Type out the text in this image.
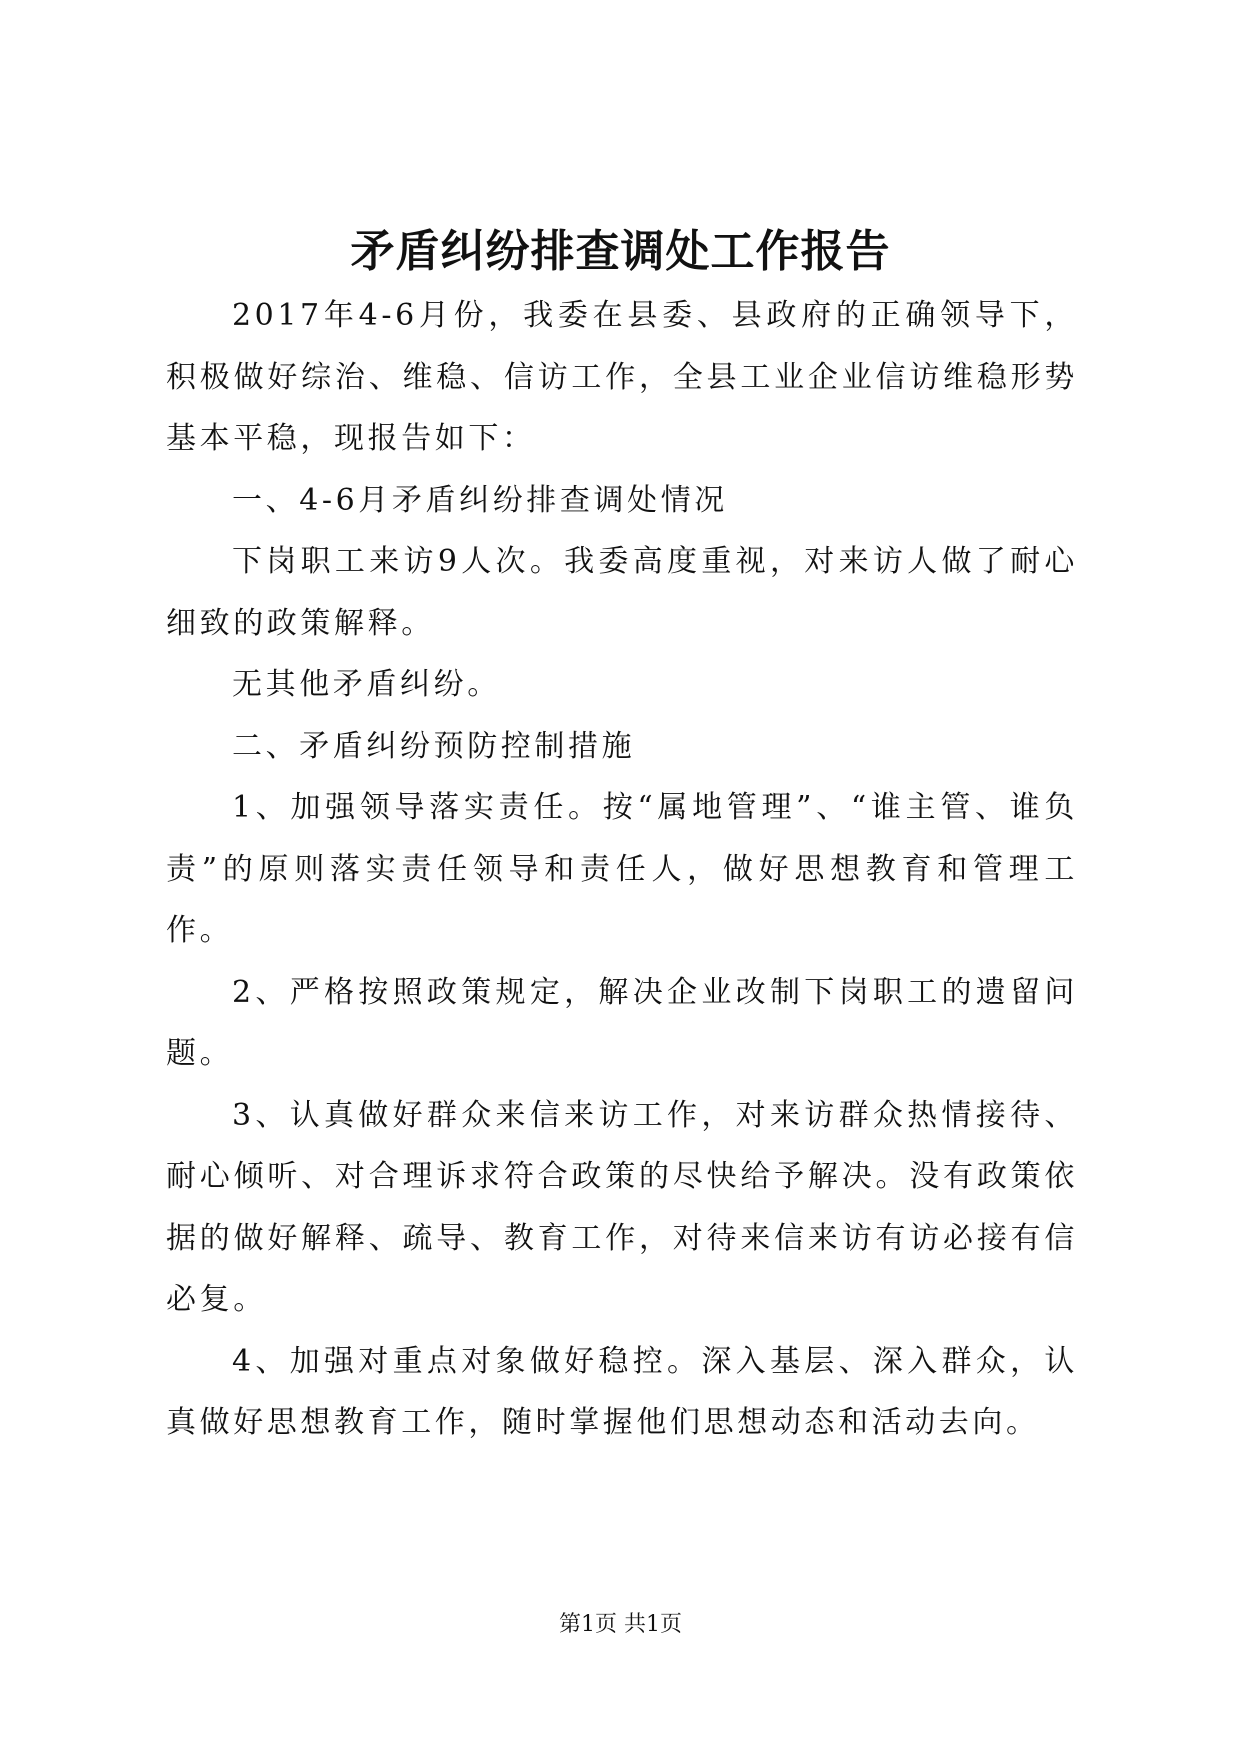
矛盾纠纷排查调处工作报告

2017年4-6月份，我委在县委、县政府的正确领导下，积极做好综治、维稳、信访工作，全县工业企业信访维稳形势基本平稳，现报告如下：

一、4-6月矛盾纠纷排查调处情况

下岗职工来访9人次。我委高度重视，对来访人做了耐心细致的政策解释。

无其他矛盾纠纷。

二、矛盾纠纷预防控制措施

1、加强领导落实责任。按“属地管理”、“谁主管、谁负责”的原则落实责任领导和责任人，做好思想教育和管理工作。

2、严格按照政策规定，解决企业改制下岗职工的遗留问题。

3、认真做好群众来信来访工作，对来访群众热情接待、耐心倾听、对合理诉求符合政策的尽快给予解决。没有政策依据的做好解释、疏导、教育工作，对待来信来访有访必接有信必复。

4、加强对重点对象做好稳控。深入基层、深入群众，认真做好思想教育工作，随时掌握他们思想动态和活动去向。

第1页 共1页
